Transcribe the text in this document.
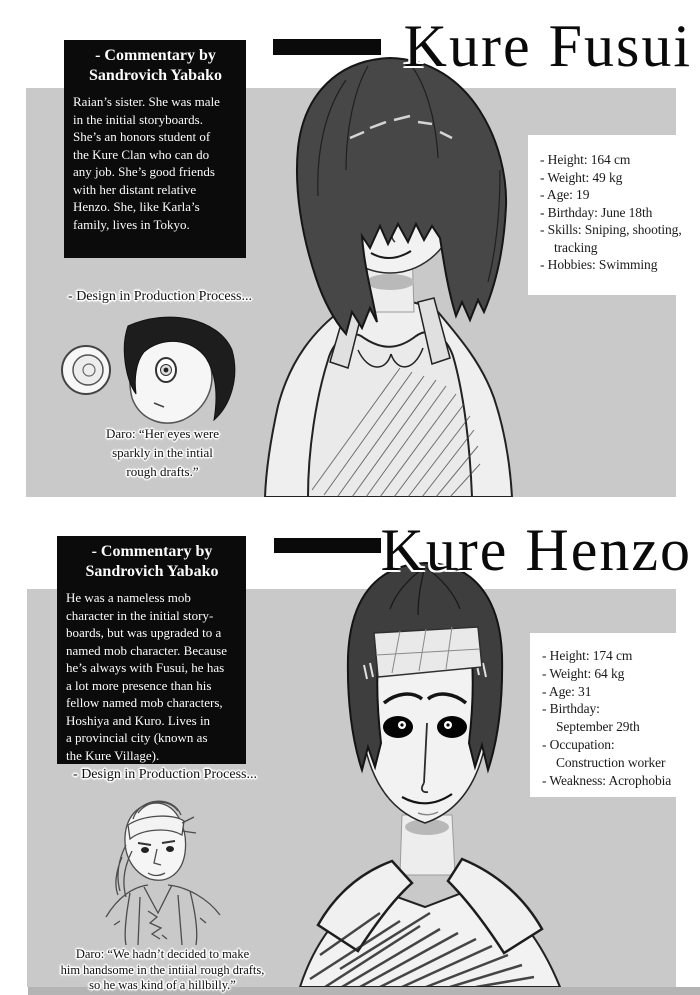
Kure Fusui
- Commentary by
Sandrovich Yabako
Raian’s sister. She was male
in the initial storyboards.
She’s an honors student of
the Kure Clan who can do
any job. She’s good friends
with her distant relative
Henzo. She, like Karla’s
family, lives in Tokyo.
- Height: 164 cm
- Weight: 49 kg
- Age: 19
- Birthday: June 18th
- Skills: Sniping, shooting,
tracking
- Hobbies: Swimming
- Design in Production Process...
Daro: “Her eyes were
sparkly in the intial
rough drafts.”
Kure Henzo
- Commentary by
Sandrovich Yabako
He was a nameless mob
character in the initial story-
boards, but was upgraded to a
named mob character. Because
he’s always with Fusui, he has
a lot more presence than his
fellow named mob characters,
Hoshiya and Kuro. Lives in
a provincial city (known as
the Kure Village).
- Height: 174 cm
- Weight: 64 kg
- Age: 31
- Birthday:
September 29th
- Occupation:
Construction worker
- Weakness: Acrophobia
- Design in Production Process...
Daro: “We hadn’t decided to make
him handsome in the intiial rough drafts,
so he was kind of a hillbilly.”
